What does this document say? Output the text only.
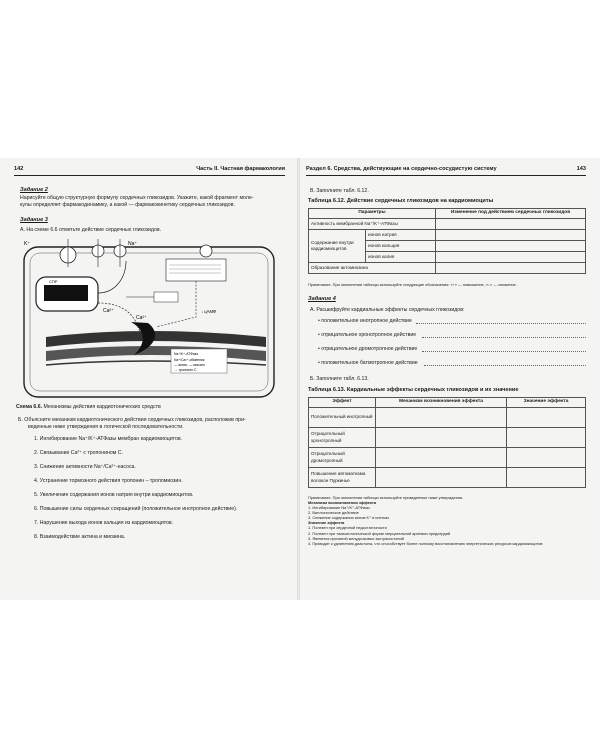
142	Часть II. Частная фармакология
Задание 2
Нарисуйте общую структурную формулу сердечных гликозидов. Укажите, какой фрагмент моле-
кулы определяет фармакодинамику, а какой — фармакокинетику сердечных гликозидов.
Задание 3
А. На схеме 6.6 отметьте действие сердечных гликозидов.
K⁺	Na⁺
Ca²⁺
Ca²⁺
↓ цАМФ
СПР
Na⁺/K⁺-АТФаза
Na⁺/Ca²⁺-обменник
— актин, — миозин
→ тропонин С
Схема 6.6. Механизмы действия кардиотонических средств
Б. Объясните механизм кардиотонического действия сердечных гликозидов, расположив при-
веденные ниже утверждения в логической последовательности.
1. Ингибирование Na⁺/K⁺-АТФазы мембран кардиомиоцитов.
2. Связывание Ca²⁺ с тропонином С.
3. Снижение активности Na⁺/Ca²⁺-насоса.
4. Устранение тормозного действия тропонин – тропомиозин.
5. Увеличение содержания ионов натрия внутри кардиомиоцитов.
6. Повышение силы сердечных сокращений (положительное инотропное действие).
7. Нарушение выхода ионов кальция из кардиомиоцитов.
8. Взаимодействие актина и миозина.
Раздел 6. Средства, действующие на сердечно-сосудистую систему	143
В. Заполните табл. 6.12.
Таблица 6.12. Действие сердечных гликозидов на кардиомиоциты
Параметры		Изменение под действием сердечных гликозидов
Активность мембранной Na⁺/K⁺-АТФазы		
Содержание внутри кардиомиоцитов	ионов натрия	
	ионов кальция	
	ионов калия	
Образование актомиозина		
Примечание. При заполнении таблицы используйте следующие обозначения: «↑» — повышение, «↓» — снижение.
Задание 4
А. Расшифруйте кардиальные эффекты сердечных гликозидов:
• положительное инотропное действие
• отрицательное хронотропное действие
• отрицательное дромотропное действие
• положительное батмотропное действие
Б. Заполните табл. 6.13.
Таблица 6.13. Кардиальные эффекты сердечных гликозидов и их значение
Эффект	Механизм возникновения эффекта	Значение эффекта
Положительный инотропный		
Отрицательный хронотропный		
Отрицательный дромотропный		
Повышение автоматизма волокон Пуркинье		
Примечание. При заполнении таблицы используйте приведенные ниже утверждения.
Механизм возникновения эффекта
1. Ингибирование Na⁺/K⁺-АТФазы
2. Ваготоническое действие
3. Снижение содержания ионов K⁺ в клетках
Значение эффекта
1. Полезен при сердечной недостаточности
2. Полезен при тахисистолической форме мерцательной аритмии предсердий
3. Является причиной желудочковых экстрасистолий
4. Приводит к удлинению диастолы, что способствует более полному восстановлению энергетических ресурсов кардиомиоцитов
